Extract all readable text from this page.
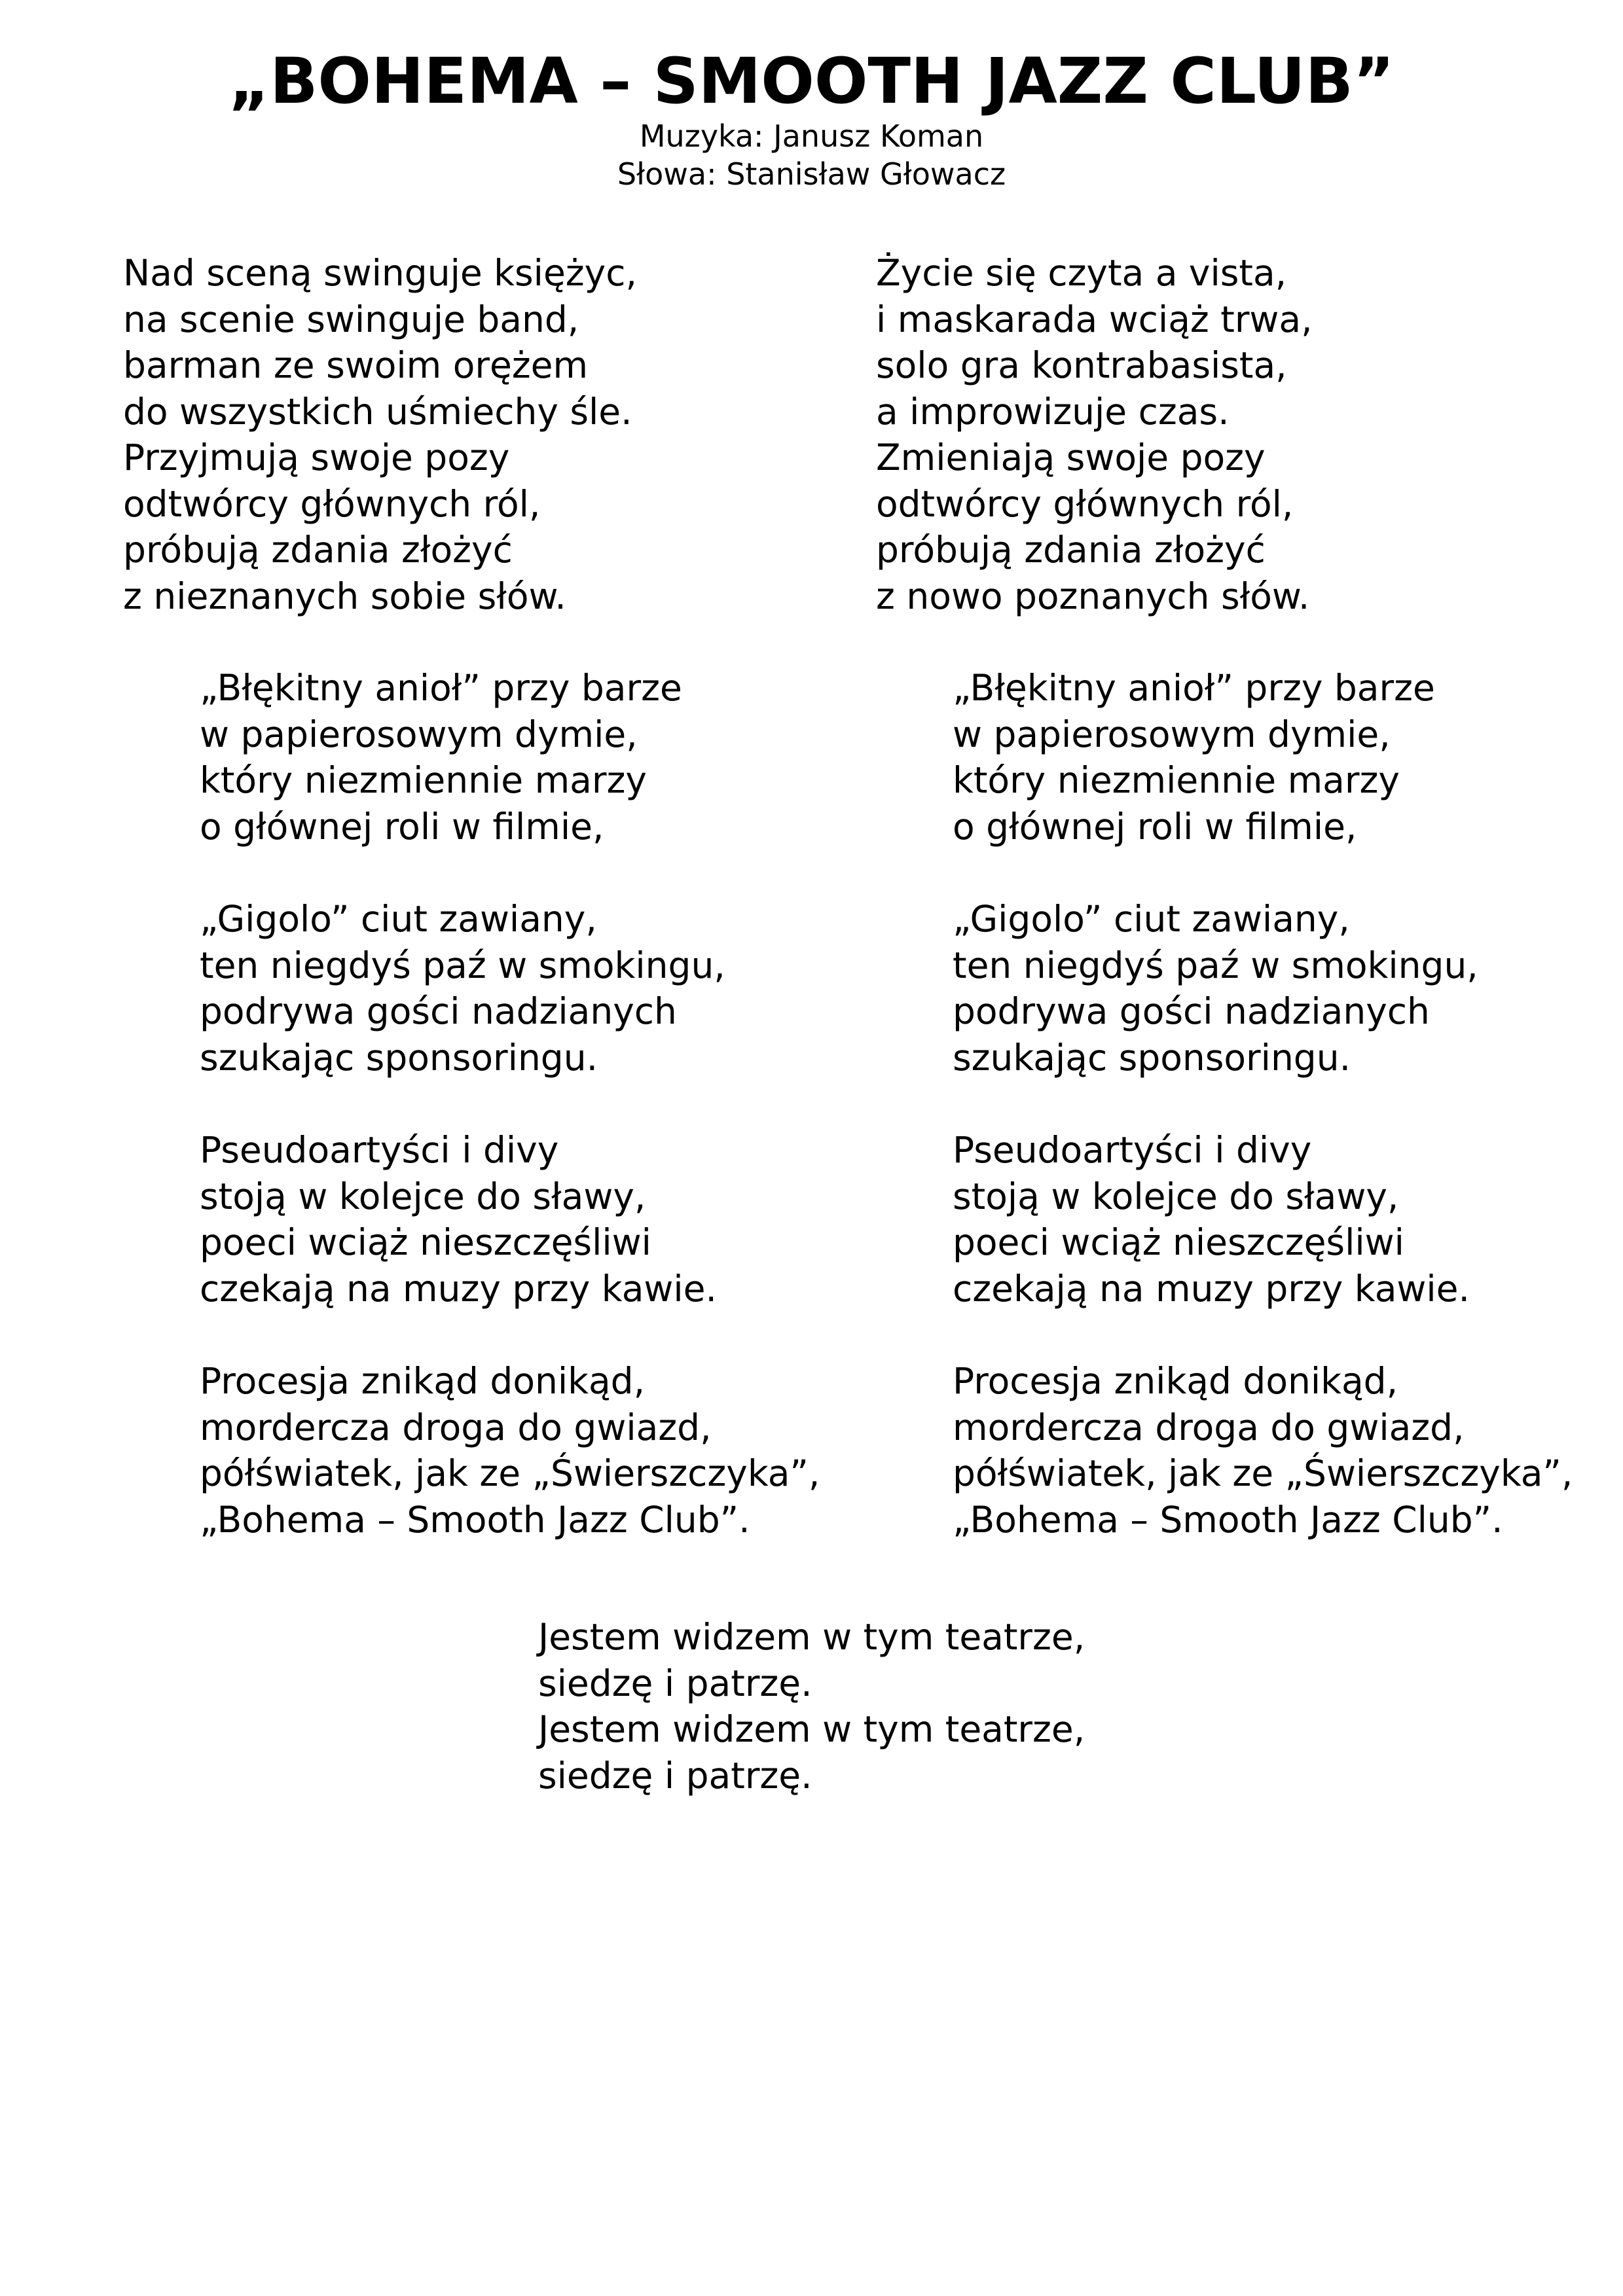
„BOHEMA – SMOOTH JAZZ CLUB”

Muzyka: Janusz Koman

Słowa: Stanisław Głowacz

Nad sceną swinguje księżyc,
na scenie swinguje band,
barman ze swoim orężem
do wszystkich uśmiechy śle.
Przyjmują swoje pozy
odtwórcy głównych ról,
próbują zdania złożyć
z nieznanych sobie słów.
„Błękitny anioł” przy barze
w papierosowym dymie,
który niezmiennie marzy
o głównej roli w filmie,
„Gigolo” ciut zawiany,
ten niegdyś paź w smokingu,
podrywa gości nadzianych
szukając sponsoringu.
Pseudoartyści i divy
stoją w kolejce do sławy,
poeci wciąż nieszczęśliwi
czekają na muzy przy kawie.
Procesja znikąd donikąd,
mordercza droga do gwiazd,
półświatek, jak ze „Świerszczyka”,
„Bohema – Smooth Jazz Club”.
Życie się czyta a vista,
i maskarada wciąż trwa,
solo gra kontrabasista,
a improwizuje czas.
Zmieniają swoje pozy
odtwórcy głównych ról,
próbują zdania złożyć
z nowo poznanych słów.
„Błękitny anioł” przy barze
w papierosowym dymie,
który niezmiennie marzy
o głównej roli w filmie,
„Gigolo” ciut zawiany,
ten niegdyś paź w smokingu,
podrywa gości nadzianych
szukając sponsoringu.
Pseudoartyści i divy
stoją w kolejce do sławy,
poeci wciąż nieszczęśliwi
czekają na muzy przy kawie.
Procesja znikąd donikąd,
mordercza droga do gwiazd,
półświatek, jak ze „Świerszczyka”,
„Bohema – Smooth Jazz Club”.
Jestem widzem w tym teatrze,
siedzę i patrzę.
Jestem widzem w tym teatrze,
siedzę i patrzę.
